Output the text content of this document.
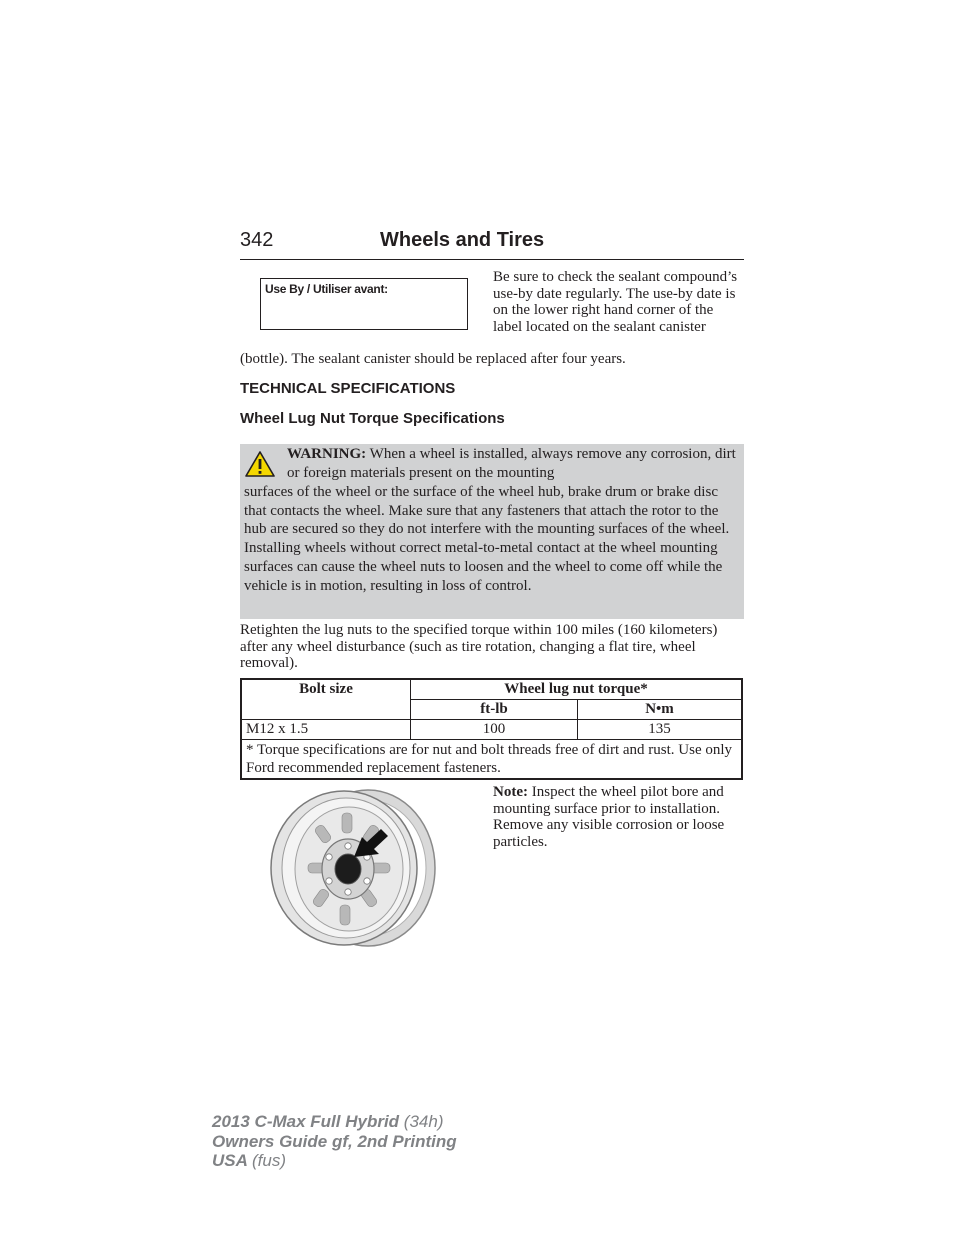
342	Wheels and Tires
Use By / Utiliser avant:
Be sure to check the sealant compound’s use-by date regularly. The use-by date is on the lower right hand corner of the label located on the sealant canister
(bottle). The sealant canister should be replaced after four years.
TECHNICAL SPECIFICATIONS
Wheel Lug Nut Torque Specifications
WARNING: When a wheel is installed, always remove any corrosion, dirt or foreign materials present on the mounting
surfaces of the wheel or the surface of the wheel hub, brake drum or brake disc that contacts the wheel. Make sure that any fasteners that attach the rotor to the hub are secured so they do not interfere with the mounting surfaces of the wheel. Installing wheels without correct metal-to-metal contact at the wheel mounting surfaces can cause the wheel nuts to loosen and the wheel to come off while the vehicle is in motion, resulting in loss of control.
Retighten the lug nuts to the specified torque within 100 miles (160 kilometers) after any wheel disturbance (such as tire rotation, changing a flat tire, wheel removal).
Bolt size	Wheel lug nut torque*	
	ft-lb	N•m
M12 x 1.5	100	135
* Torque specifications are for nut and bolt threads free of dirt and rust. Use only Ford recommended replacement fasteners.		
Note: Inspect the wheel pilot bore and mounting surface prior to installation. Remove any visible corrosion or loose particles.
2013 C-Max Full Hybrid (34h)
Owners Guide gf, 2nd Printing
USA (fus)
